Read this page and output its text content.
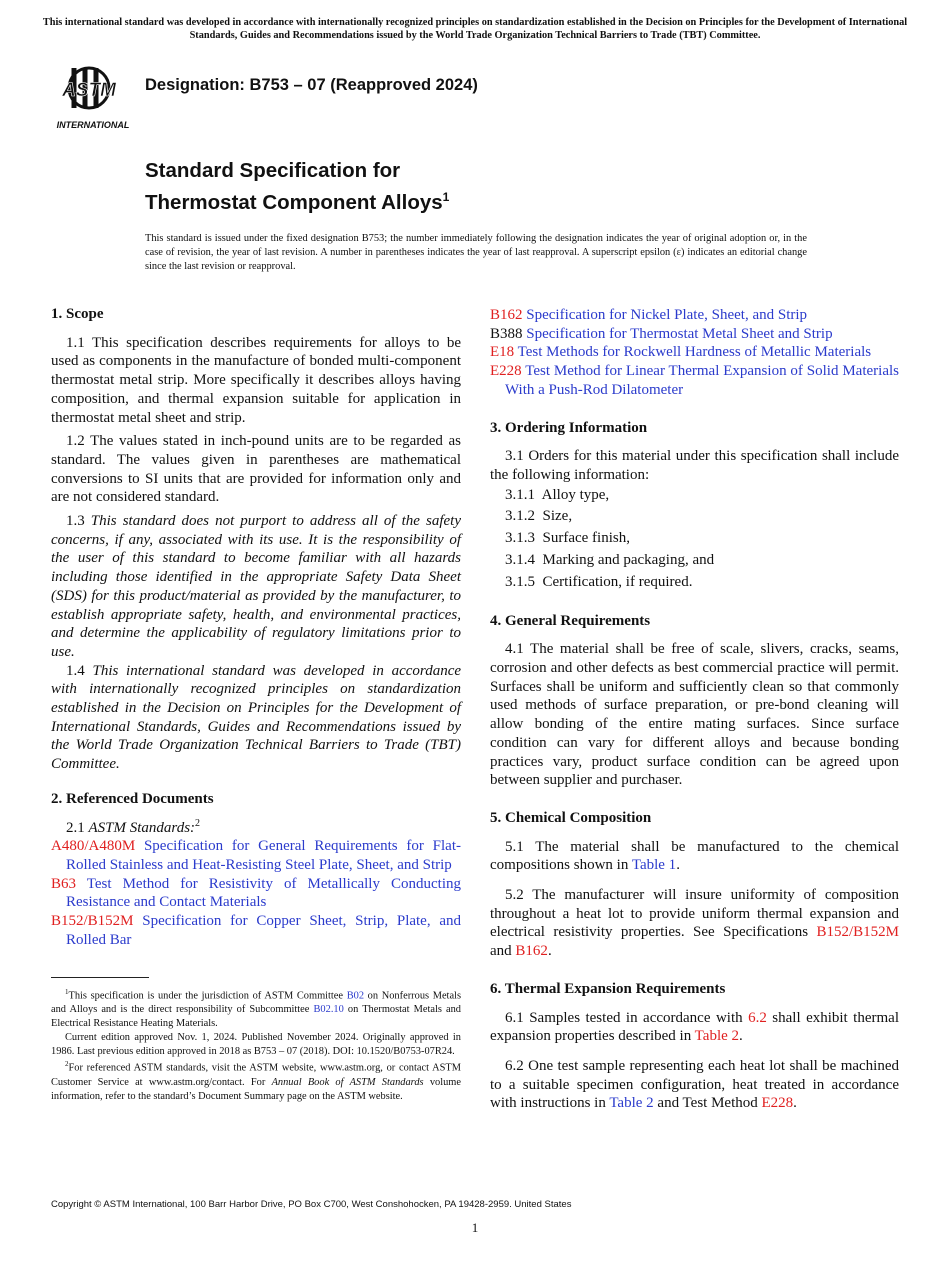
This international standard was developed in accordance with internationally recognized principles on standardization established in the Decision on Principles for the Development of International Standards, Guides and Recommendations issued by the World Trade Organization Technical Barriers to Trade (TBT) Committee.
ASTM
INTERNATIONAL
Designation: B753 – 07 (Reapproved 2024)
Standard Specification for
Thermostat Component Alloys$^1$
This standard is issued under the fixed designation B753; the number immediately following the designation indicates the year of original adoption or, in the case of revision, the year of last revision. A number in parentheses indicates the year of last reapproval. A superscript epsilon (ε) indicates an editorial change since the last revision or reapproval.
1. Scope

1.1 This specification describes requirements for alloys to be used as components in the manufacture of bonded multi-component thermostat metal strip. More specifically it describes alloys having composition, and thermal expansion suitable for application in thermostat metal sheet and strip.

1.2 The values stated in inch-pound units are to be regarded as standard. The values given in parentheses are mathematical conversions to SI units that are provided for information only and are not considered standard.

1.3 This standard does not purport to address all of the safety concerns, if any, associated with its use. It is the responsibility of the user of this standard to become familiar with all hazards including those identified in the appropriate Safety Data Sheet (SDS) for this product/material as provided by the manufacturer, to establish appropriate safety, health, and environmental practices, and determine the applicability of regulatory limitations prior to use.

1.4 This international standard was developed in accordance with internationally recognized principles on standardization established in the Decision on Principles for the Development of International Standards, Guides and Recommendations issued by the World Trade Organization Technical Barriers to Trade (TBT) Committee.

2. Referenced Documents

2.1 ASTM Standards:$^2$

A480/A480M Specification for General Requirements for Flat-Rolled Stainless and Heat-Resisting Steel Plate, Sheet, and Strip
B63 Test Method for Resistivity of Metallically Conducting Resistance and Contact Materials
B152/B152M Specification for Copper Sheet, Strip, Plate, and Rolled Bar

$^1$This specification is under the jurisdiction of ASTM Committee B02 on Nonferrous Metals and Alloys and is the direct responsibility of Subcommittee B02.10 on Thermostat Metals and Electrical Resistance Heating Materials.

Current edition approved Nov. 1, 2024. Published November 2024. Originally approved in 1986. Last previous edition approved in 2018 as B753 – 07 (2018). DOI: 10.1520/B0753-07R24.

$^2$For referenced ASTM standards, visit the ASTM website, www.astm.org, or contact ASTM Customer Service at www.astm.org/contact. For Annual Book of ASTM Standards volume information, refer to the standard’s Document Summary page on the ASTM website.

B162 Specification for Nickel Plate, Sheet, and Strip
B388 Specification for Thermostat Metal Sheet and Strip
E18 Test Methods for Rockwell Hardness of Metallic Materials
E228 Test Method for Linear Thermal Expansion of Solid Materials With a Push-Rod Dilatometer
3. Ordering Information

3.1 Orders for this material under this specification shall include the following information:

3.1.1  Alloy type,
3.1.2  Size,
3.1.3  Surface finish,
3.1.4  Marking and packaging, and
3.1.5  Certification, if required.
4. General Requirements

4.1 The material shall be free of scale, slivers, cracks, seams, corrosion and other defects as best commercial practice will permit. Surfaces shall be uniform and sufficiently clean so that commonly used methods of surface preparation, or pre-bond cleaning will allow bonding of the entire mating surfaces. Since surface condition can vary for different alloys and because bonding practices vary, product surface condition can be agreed upon between supplier and purchaser.

5. Chemical Composition

5.1 The material shall be manufactured to the chemical compositions shown in Table 1.

5.2 The manufacturer will insure uniformity of composition throughout a heat lot to provide uniform thermal expansion and electrical resistivity properties. See Specifications B152/B152M and B162.

6. Thermal Expansion Requirements

6.1 Samples tested in accordance with 6.2 shall exhibit thermal expansion properties described in Table 2.

6.2 One test sample representing each heat lot shall be machined to a suitable specimen configuration, heat treated in accordance with instructions in Table 2 and Test Method E228.

Copyright © ASTM International, 100 Barr Harbor Drive, PO Box C700, West Conshohocken, PA 19428-2959. United States
1
